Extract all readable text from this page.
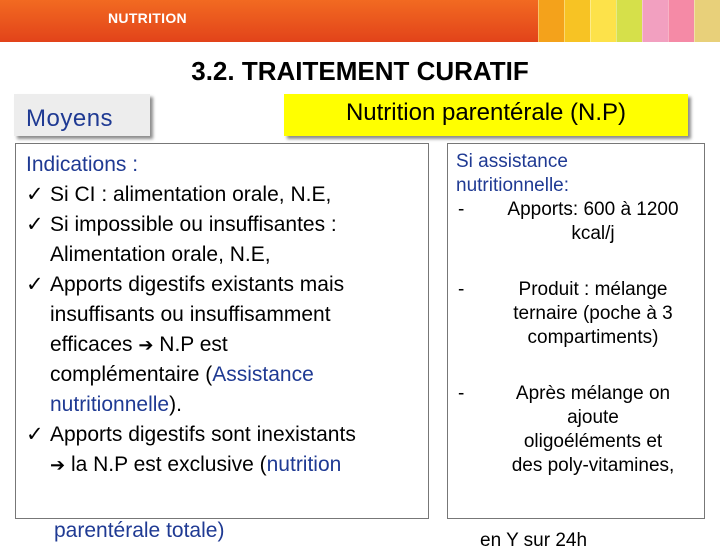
NUTRITION
3.2. TRAITEMENT CURATIF
Moyens	Nutrition parentérale (N.P)
Indications :
✓ Si CI : alimentation orale, N.E,
✓ Si impossible ou insuffisantes :
Alimentation orale, N.E,
✓ Apports digestifs existants mais
insuffisants ou insuffisamment
efficaces ➔ N.P est
complémentaire (Assistance
nutritionnelle).
✓ Apports digestifs sont inexistants
➔ la N.P est exclusive (nutrition
parentérale totale)
Si assistance
nutritionnelle:
-	Apports: 600 à 1200
kcal/j
-	Produit : mélange
ternaire (poche à 3
compartiments)
-	Après mélange on
ajoute
oligoéléments et
des poly-vitamines,
en Y sur 24h
